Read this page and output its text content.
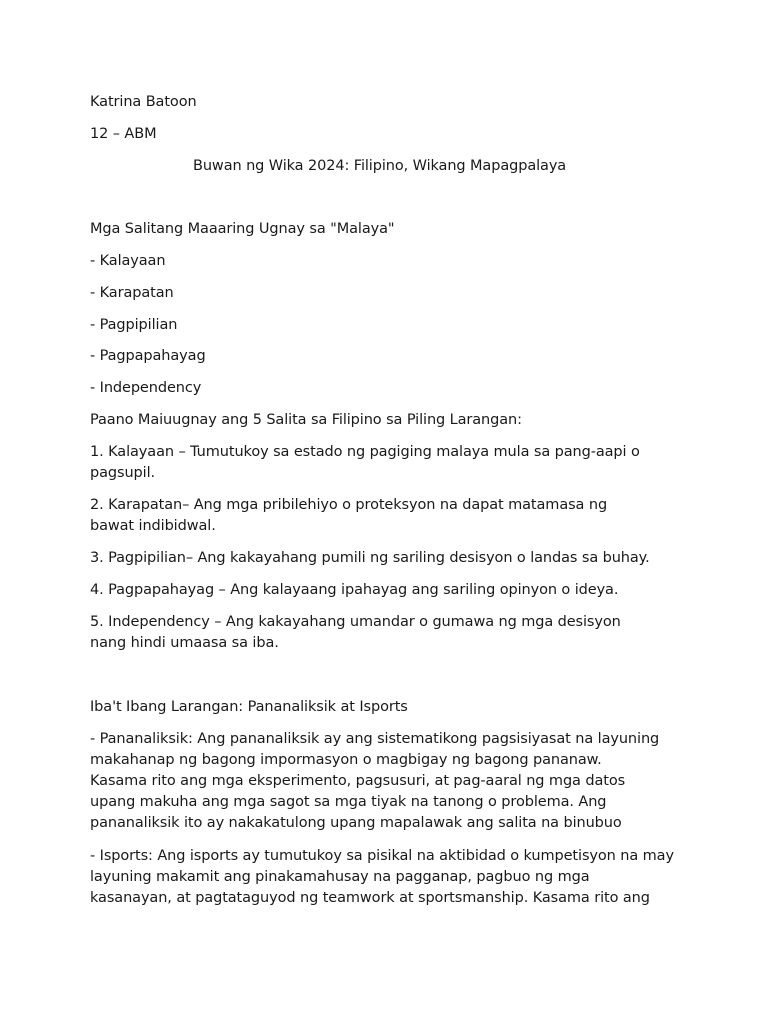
Katrina Batoon
12 – ABM
Buwan ng Wika 2024: Filipino, Wikang Mapagpalaya
Mga Salitang Maaaring Ugnay sa "Malaya"
- Kalayaan
- Karapatan
- Pagpipilian
- Pagpapahayag
- Independency
Paano Maiuugnay ang 5 Salita sa Filipino sa Piling Larangan:
1. Kalayaan – Tumutukoy sa estado ng pagiging malaya mula sa pang-aapi o
pagsupil.
2. Karapatan– Ang mga pribilehiyo o proteksyon na dapat matamasa ng
bawat indibidwal.
3. Pagpipilian– Ang kakayahang pumili ng sariling desisyon o landas sa buhay.
4. Pagpapahayag – Ang kalayaang ipahayag ang sariling opinyon o ideya.
5. Independency – Ang kakayahang umandar o gumawa ng mga desisyon
nang hindi umaasa sa iba.
Iba't Ibang Larangan: Pananaliksik at Isports
- Pananaliksik: Ang pananaliksik ay ang sistematikong pagsisiyasat na layuning
makahanap ng bagong impormasyon o magbigay ng bagong pananaw.
Kasama rito ang mga eksperimento, pagsusuri, at pag-aaral ng mga datos
upang makuha ang mga sagot sa mga tiyak na tanong o problema. Ang
pananaliksik ito ay nakakatulong upang mapalawak ang salita na binubuo
- Isports: Ang isports ay tumutukoy sa pisikal na aktibidad o kumpetisyon na may
layuning makamit ang pinakamahusay na pagganap, pagbuo ng mga
kasanayan, at pagtataguyod ng teamwork at sportsmanship. Kasama rito ang
